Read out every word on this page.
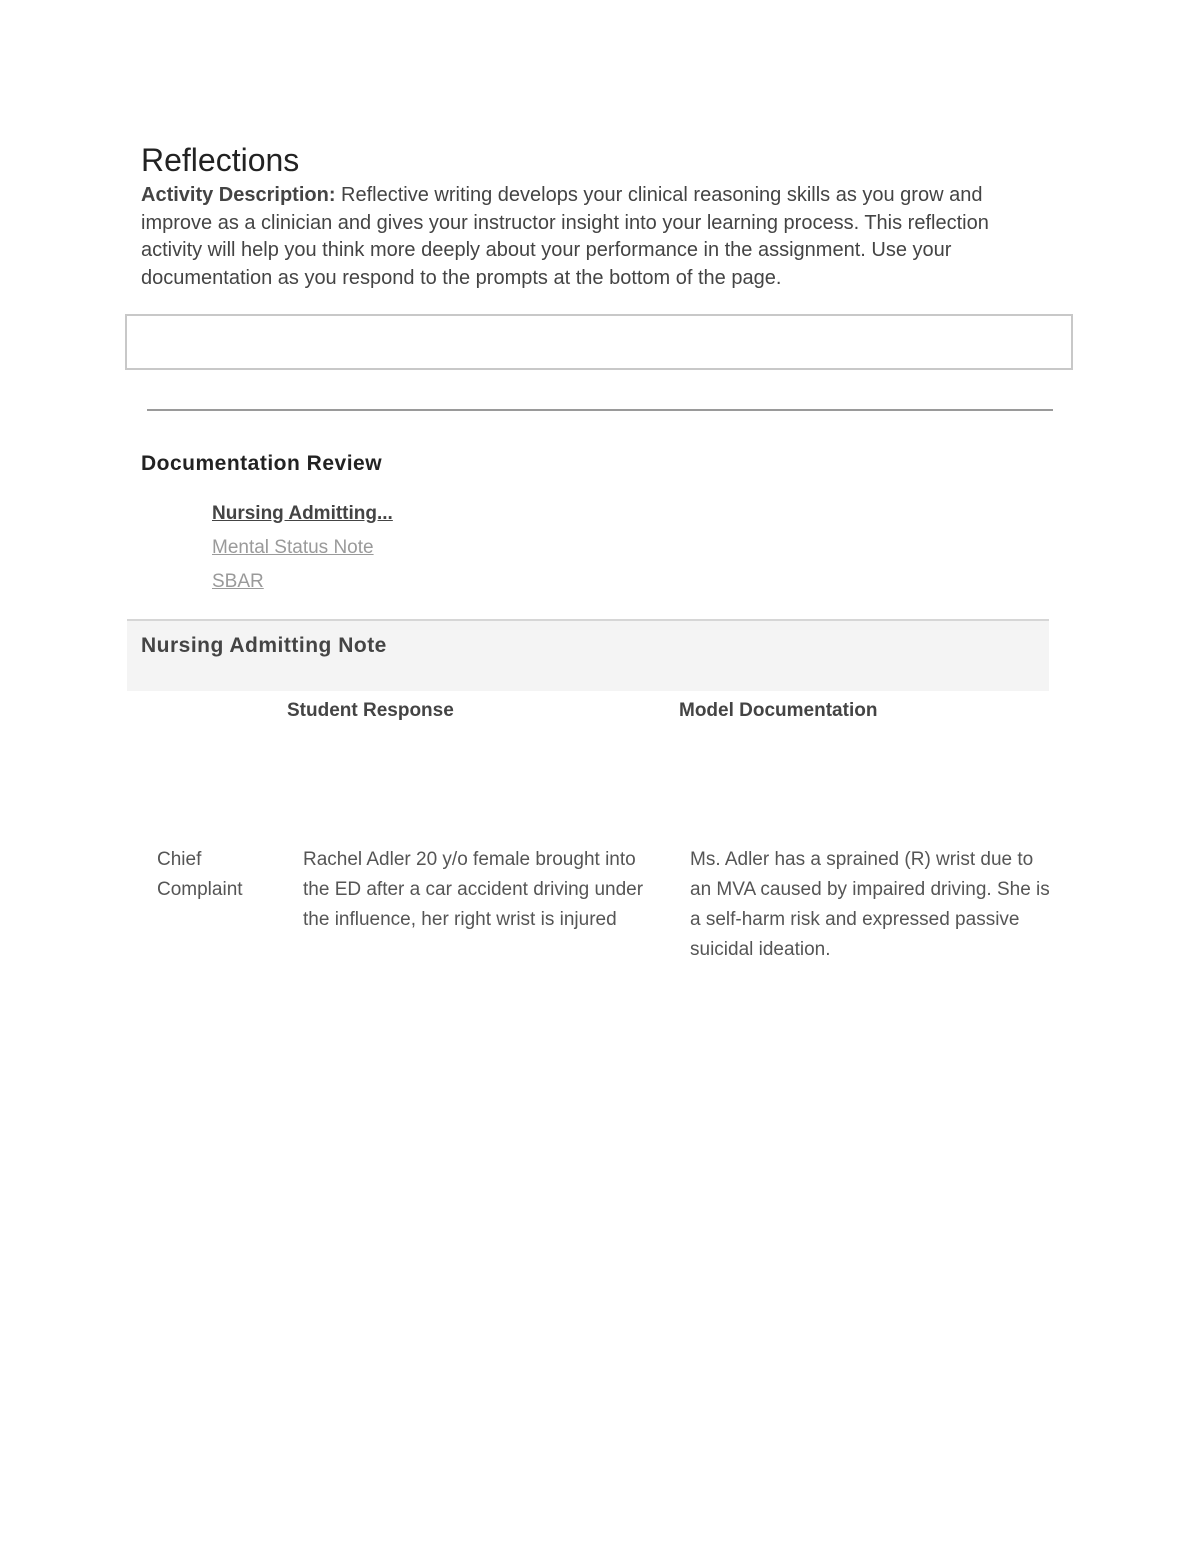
Reflections

Activity Description: Reflective writing develops your clinical reasoning skills as you grow and improve as a clinician and gives your instructor insight into your learning process. This reflection activity will help you think more deeply about your performance in the assignment. Use your documentation as you respond to the prompts at the bottom of the page.

Documentation Review
Nursing Admitting...
Mental Status Note
SBAR
Nursing Admitting Note
Student Response	Model Documentation
Chief Complaint
Rachel Adler 20 y/o female brought into the ED after a car accident driving under the influence, her right wrist is injured
Ms. Adler has a sprained (R) wrist due to an MVA caused by impaired driving. She is a self-harm risk and expressed passive suicidal ideation.
